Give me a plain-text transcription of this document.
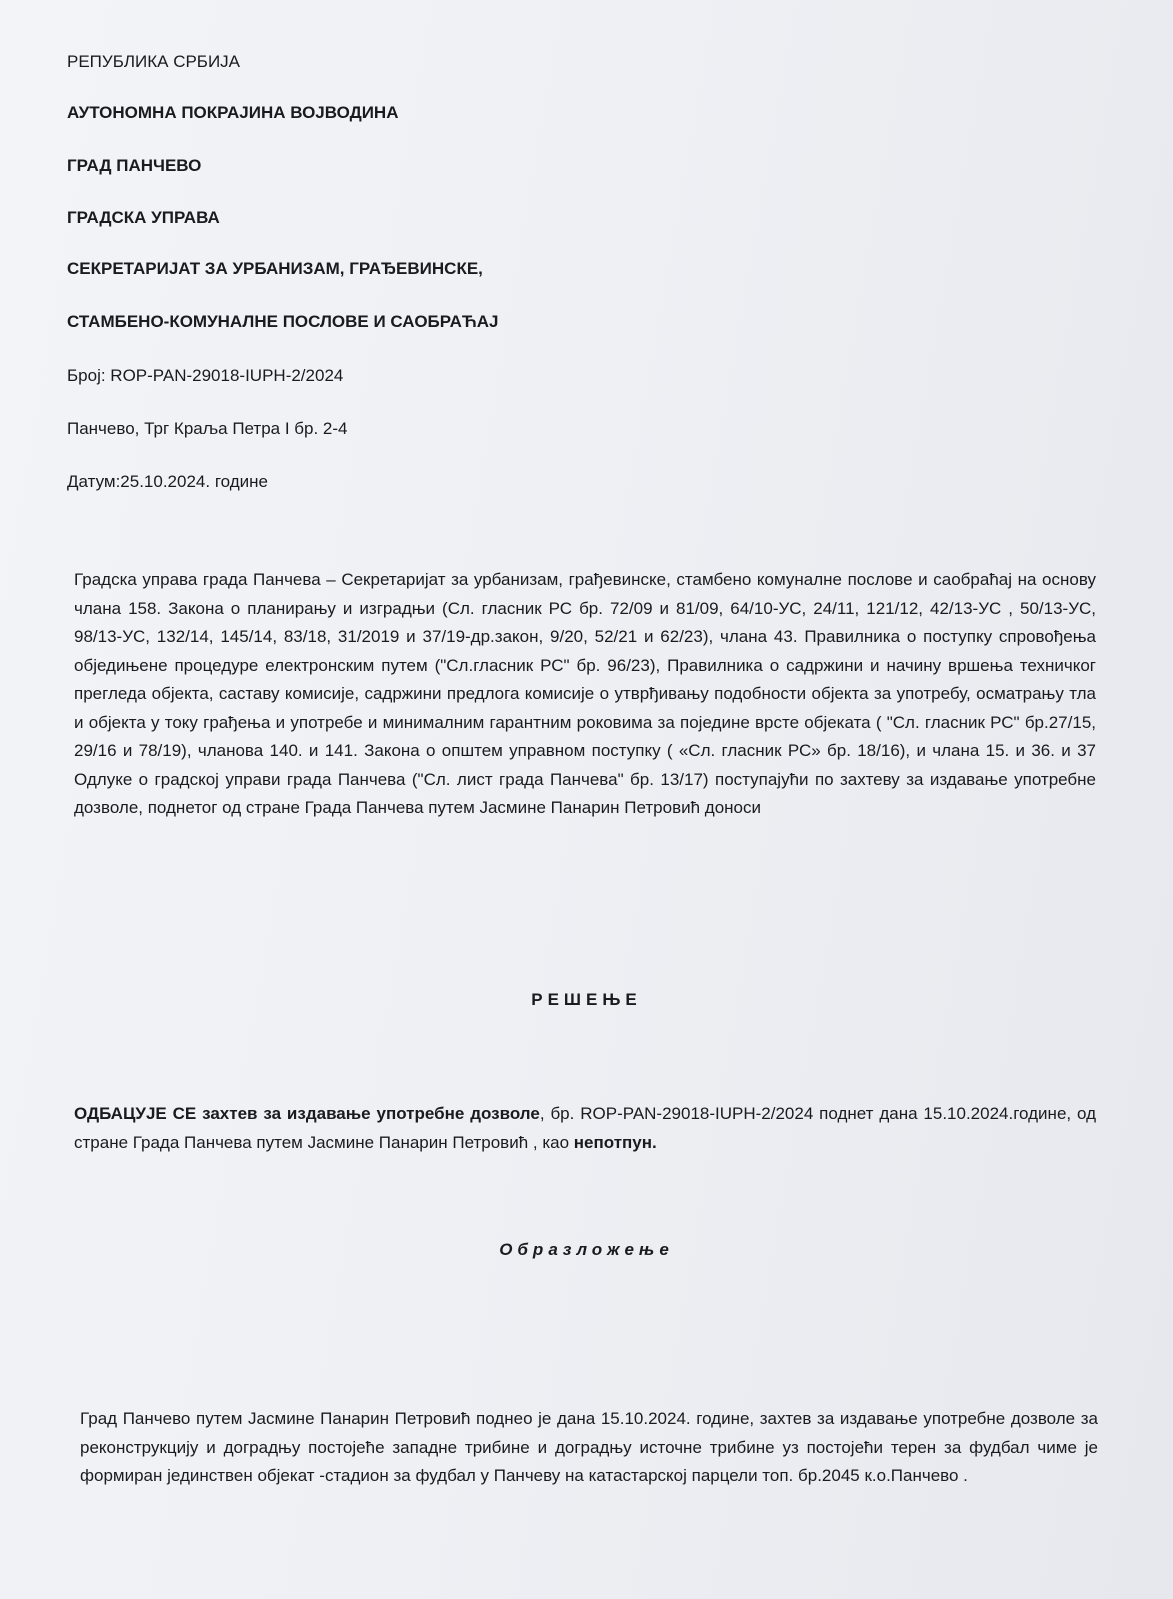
РЕПУБЛИКА СРБИЈА
АУТОНОМНА ПОКРАЈИНА ВОЈВОДИНА
ГРАД ПАНЧЕВО
ГРАДСКА УПРАВА
СЕКРЕТАРИЈАТ ЗА УРБАНИЗАМ, ГРАЂЕВИНСКЕ,
СТАМБЕНО-КОМУНАЛНЕ ПОСЛОВЕ И САОБРАЋАЈ
Број: ROP-PAN-29018-IUPH-2/2024
Панчево, Трг Краља Петра I бр. 2-4
Датум:25.10.2024. године
Градска управа града Панчева – Секретаријат за урбанизам, грађевинске, стамбено комуналне послове и саобраћај на основу члана 158. Закона о планирању и изградњи (Сл. гласник РС бр. 72/09 и 81/09, 64/10-УС, 24/11, 121/12, 42/13-УС , 50/13-УС, 98/13-УС, 132/14, 145/14, 83/18, 31/2019 и 37/19-др.закон, 9/20, 52/21 и 62/23), члана 43. Правилника о поступку спровођења обједињене процедуре електронским путем ("Сл.гласник РС" бр. 96/23), Правилника о садржини и начину вршења техничког прегледа објекта, саставу комисије, садржини предлога комисије о утврђивању подобности објекта за употребу, осматрању тла и објекта у току грађења и употребе и минималним гарантним роковима за поједине врсте објеката ( "Сл. гласник РС" бр.27/15, 29/16 и 78/19), чланова 140. и 141. Закона о општем управном поступку ( «Сл. гласник РС» бр. 18/16), и члана 15. и 36. и 37 Одлуке о градској управи града Панчева ("Сл. лист града Панчева" бр. 13/17) поступајући по захтеву за издавање употребне дозволе, поднетог од стране Града Панчева путем Јасмине Панарин Петровић доноси
РЕШЕЊЕ
ОДБАЦУЈЕ СЕ захтев за издавање употребне дозволе, бр. ROP-PAN-29018-IUPH-2/2024 поднет дана 15.10.2024.године, од стране Града Панчева путем Јасмине Панарин Петровић , као непотпун.
Образложење
Град Панчево путем Јасмине Панарин Петровић поднео је дана 15.10.2024. године, захтев за издавање употребне дозволе за реконструкцију и доградњу постојеће западне трибине и доградњу источне трибине уз постојећи терен за фудбал чиме је формиран јединствен објекат -стадион за фудбал у Панчеву на катастарској парцели топ. бр.2045 к.о.Панчево .
